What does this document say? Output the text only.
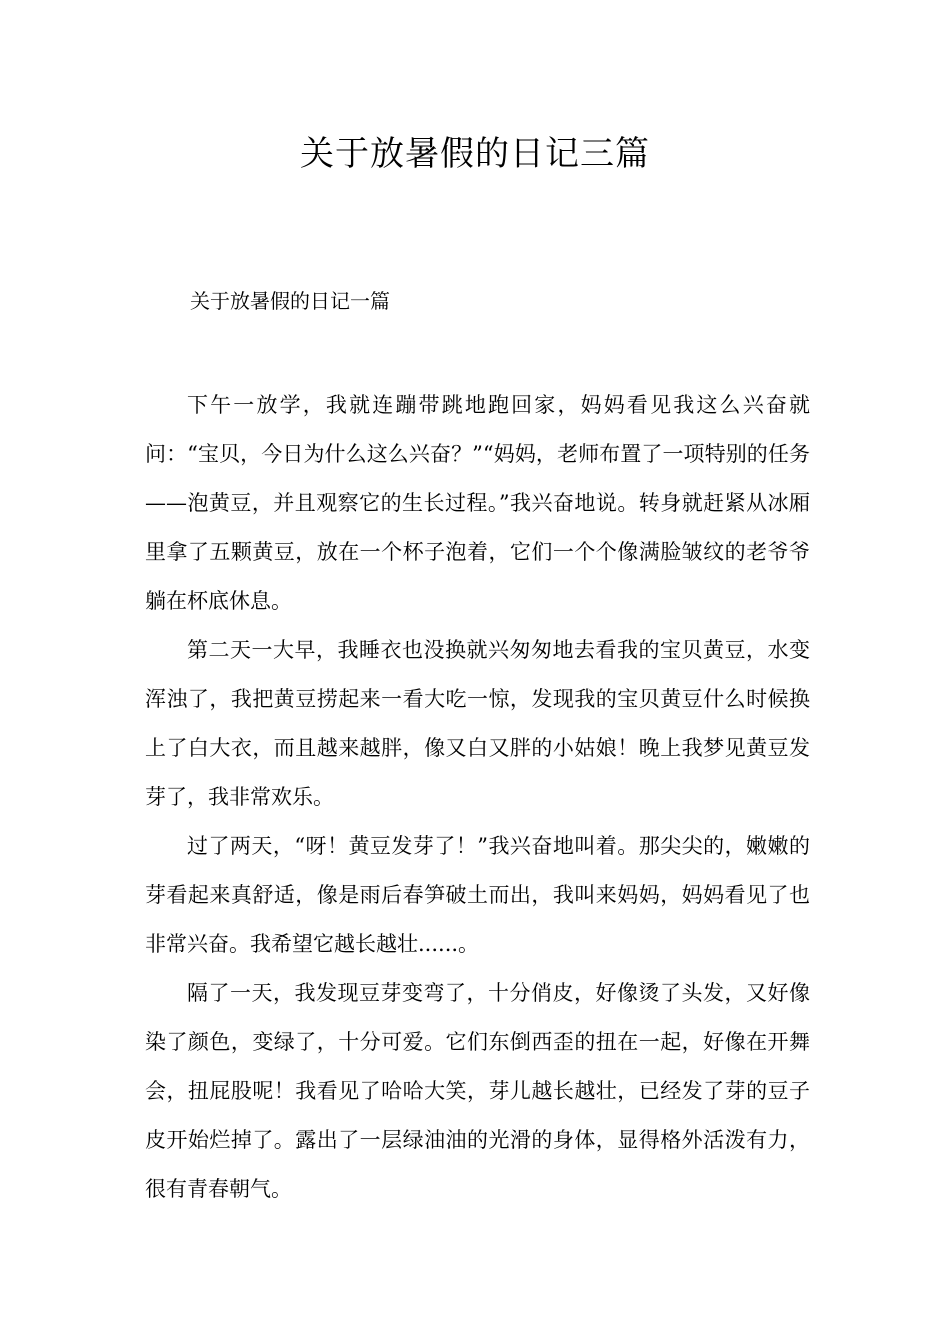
关于放暑假的日记三篇
关于放暑假的日记一篇

下午一放学，我就连蹦带跳地跑回家，妈妈看见我这么兴奋就问：“宝贝，今日为什么这么兴奋？”“妈妈，老师布置了一项特别的任务——泡黄豆，并且观察它的生长过程。”我兴奋地说。转身就赶紧从冰厢里拿了五颗黄豆，放在一个杯子泡着，它们一个个像满脸皱纹的老爷爷躺在杯底休息。

第二天一大早，我睡衣也没换就兴匆匆地去看我的宝贝黄豆，水变浑浊了，我把黄豆捞起来一看大吃一惊，发现我的宝贝黄豆什么时候换上了白大衣，而且越来越胖，像又白又胖的小姑娘！晚上我梦见黄豆发芽了，我非常欢乐。

过了两天，“呀！黄豆发芽了！”我兴奋地叫着。那尖尖的，嫩嫩的芽看起来真舒适，像是雨后春笋破土而出，我叫来妈妈，妈妈看见了也非常兴奋。我希望它越长越壮......。

隔了一天，我发现豆芽变弯了，十分俏皮，好像烫了头发，又好像染了颜色，变绿了，十分可爱。它们东倒西歪的扭在一起，好像在开舞会，扭屁股呢！我看见了哈哈大笑，芽儿越长越壮，已经发了芽的豆子皮开始烂掉了。露出了一层绿油油的光滑的身体，显得格外活泼有力，很有青春朝气。
